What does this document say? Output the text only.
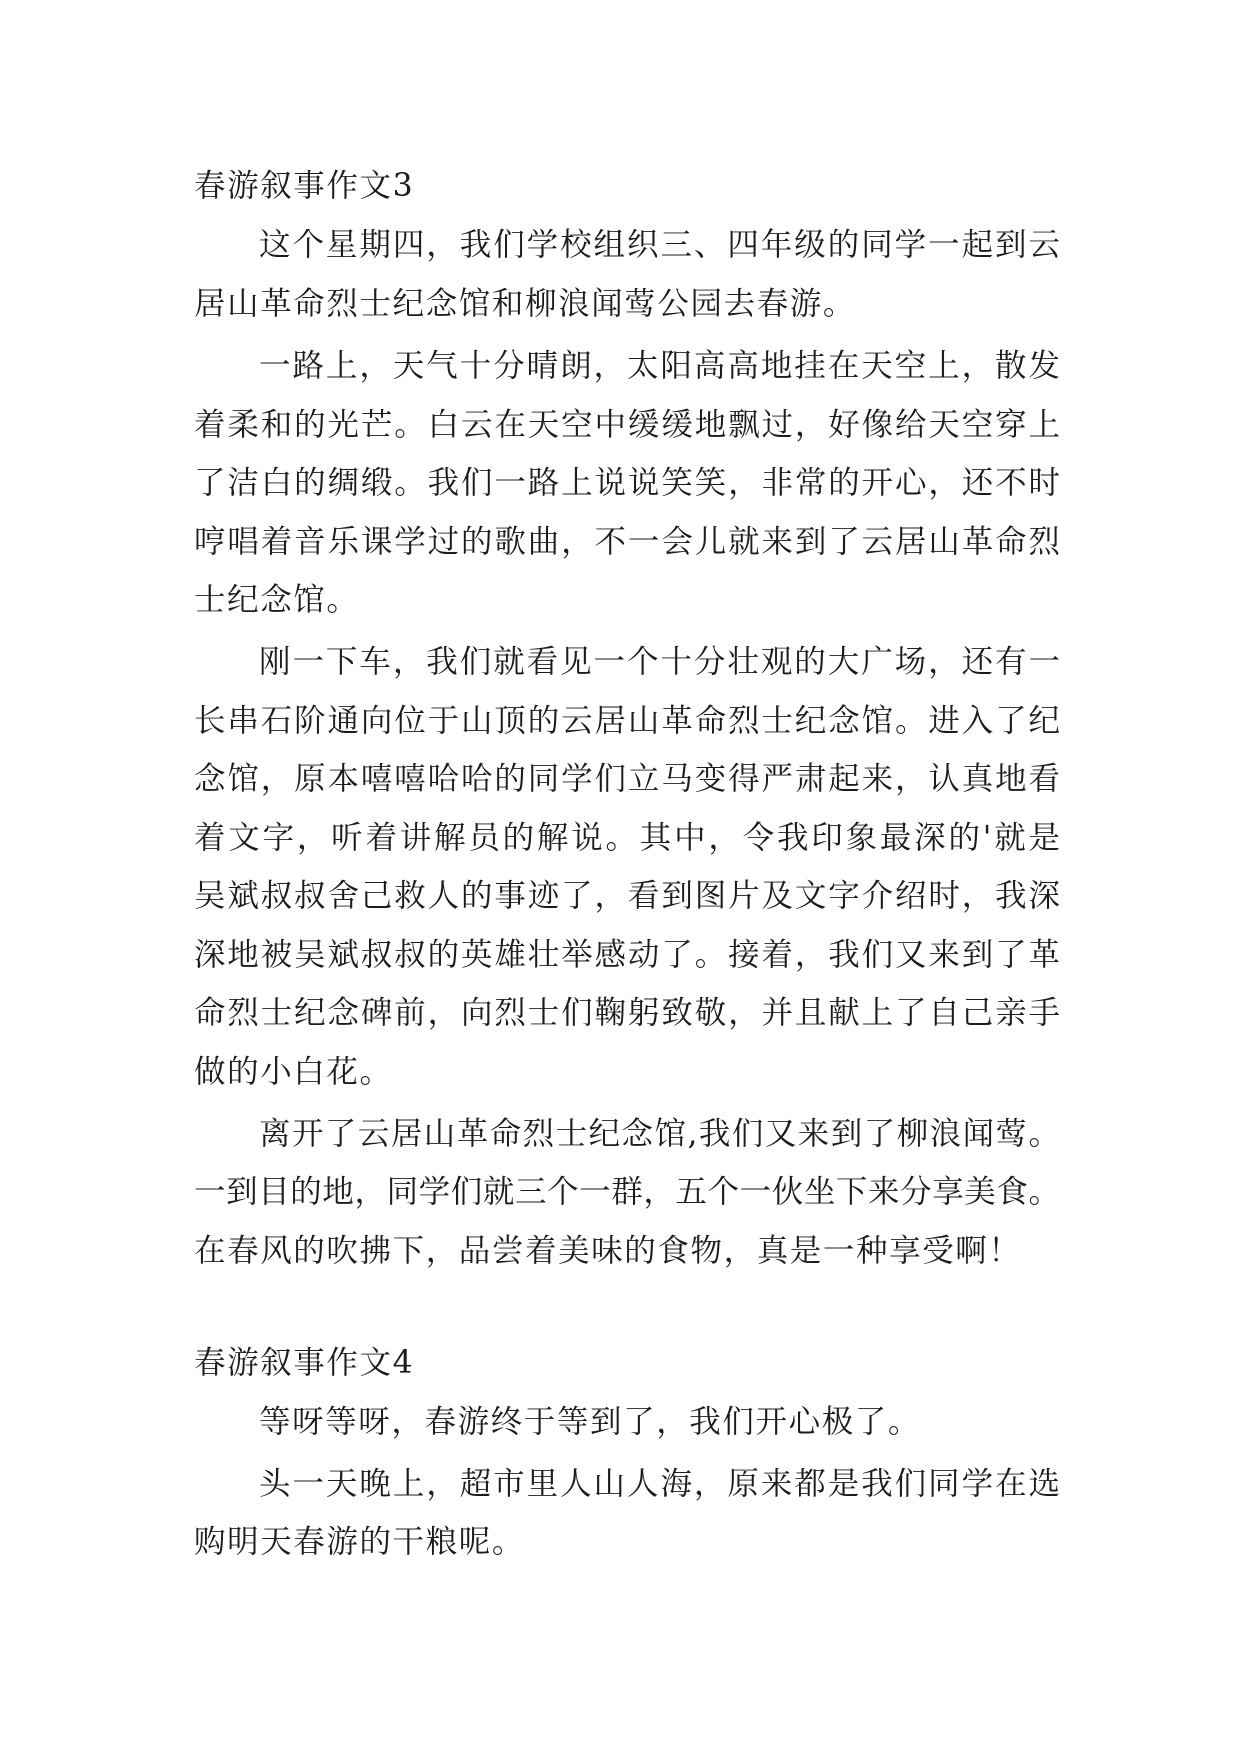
春游叙事作文3
这个星期四，我们学校组织三、四年级的同学一起到云
居山革命烈士纪念馆和柳浪闻莺公园去春游。
一路上，天气十分晴朗，太阳高高地挂在天空上，散发
着柔和的光芒。白云在天空中缓缓地飘过，好像给天空穿上
了洁白的绸缎。我们一路上说说笑笑，非常的开心，还不时
哼唱着音乐课学过的歌曲，不一会儿就来到了云居山革命烈
士纪念馆。
刚一下车，我们就看见一个十分壮观的大广场，还有一
长串石阶通向位于山顶的云居山革命烈士纪念馆。进入了纪
念馆，原本嘻嘻哈哈的同学们立马变得严肃起来，认真地看
着文字，听着讲解员的解说。其中，令我印象最深的'就是
吴斌叔叔舍己救人的事迹了，看到图片及文字介绍时，我深
深地被吴斌叔叔的英雄壮举感动了。接着，我们又来到了革
命烈士纪念碑前，向烈士们鞠躬致敬，并且献上了自己亲手
做的小白花。
离开了云居山革命烈士纪念馆,我们又来到了柳浪闻莺。
一到目的地，同学们就三个一群，五个一伙坐下来分享美食。
在春风的吹拂下，品尝着美味的食物，真是一种享受啊！
春游叙事作文4
等呀等呀，春游终于等到了，我们开心极了。
头一天晚上，超市里人山人海，原来都是我们同学在选
购明天春游的干粮呢。
